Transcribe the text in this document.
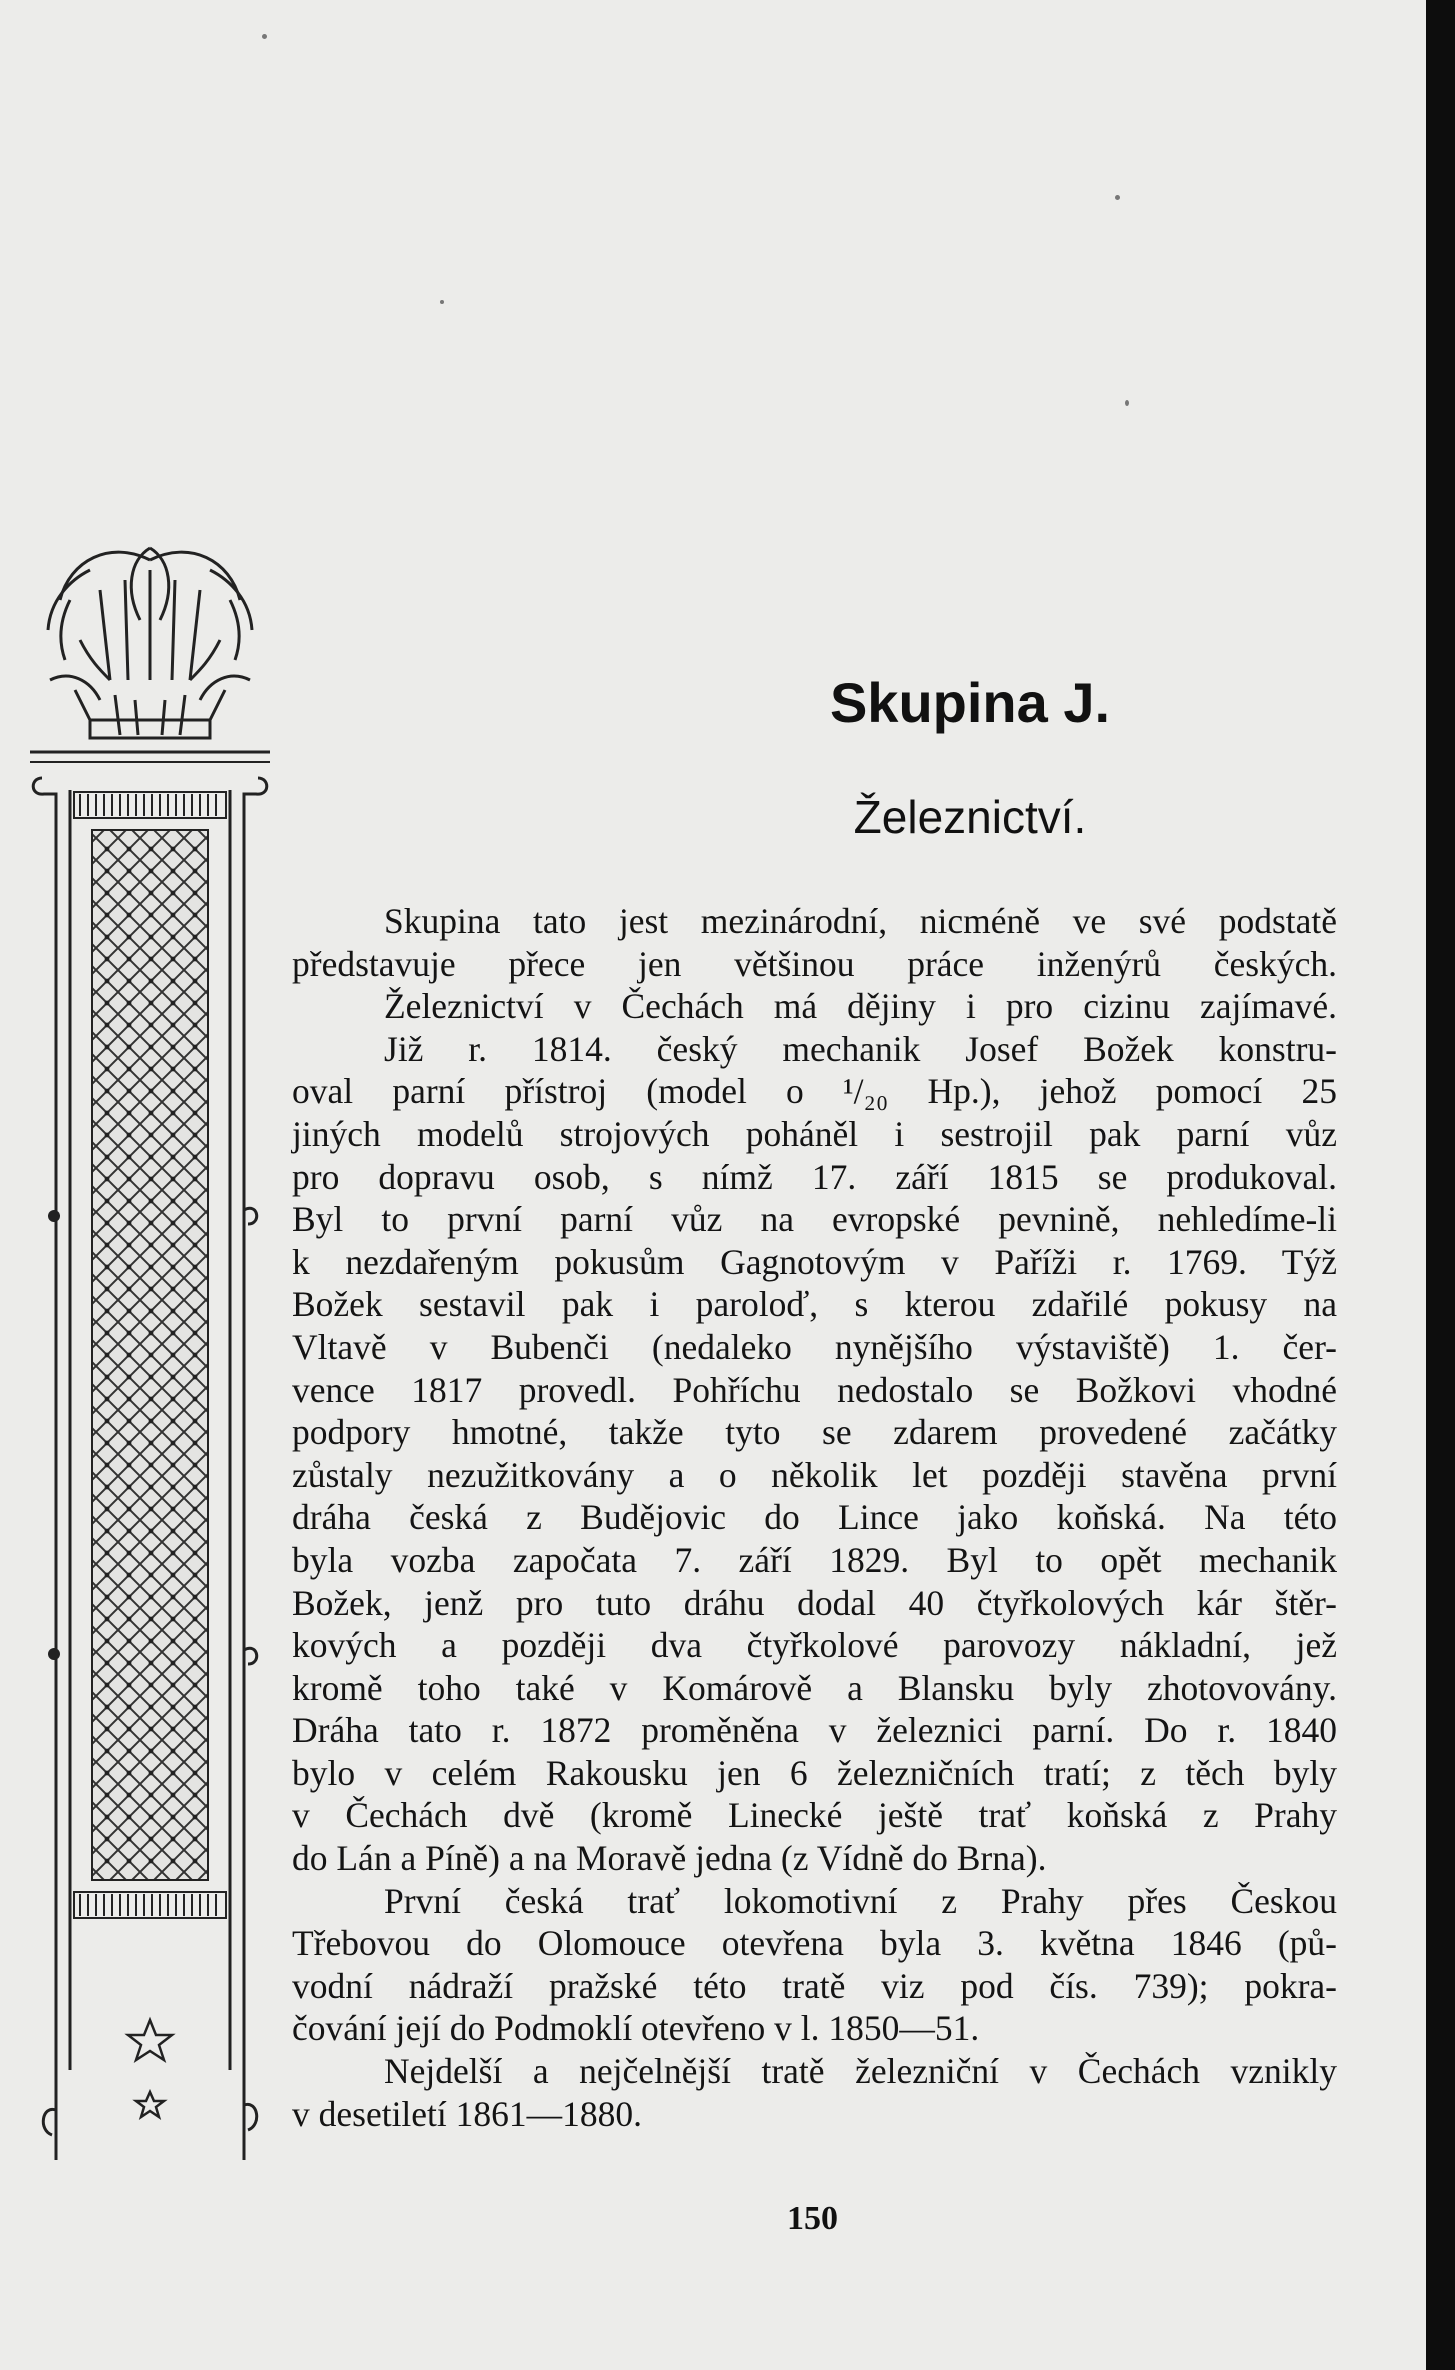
Skupina J.
Železnictví.

Skupina tato jest mezinárodní, nicméně ve své podstatě
představuje přece jen většinou práce inženýrů českých.
Železnictví v Čechách má dějiny i pro cizinu zajímavé.
Již r. 1814. český mechanik Josef Božek konstru-
oval parní přístroj (model o ¹/₂₀ Hp.), jehož pomocí 25
jiných modelů strojových poháněl i sestrojil pak parní vůz
pro dopravu osob, s nímž 17. září 1815 se produkoval.
Byl to první parní vůz na evropské pevnině, nehledíme-li
k nezdařeným pokusům Gagnotovým v Paříži r. 1769. Týž
Božek sestavil pak i paroloď, s kterou zdařilé pokusy na
Vltavě v Bubenči (nedaleko nynějšího výstaviště) 1. čer-
vence 1817 provedl. Pohříchu nedostalo se Božkovi vhodné
podpory hmotné, takže tyto se zdarem provedené začátky
zůstaly nezužitkovány a o několik let později stavěna první
dráha česká z Budějovic do Lince jako koňská. Na této
byla vozba započata 7. září 1829. Byl to opět mechanik
Božek, jenž pro tuto dráhu dodal 40 čtyřkolových kár štěr-
kových a později dva čtyřkolové parovozy nákladní, jež
kromě toho také v Komárově a Blansku byly zhotovovány.
Dráha tato r. 1872 proměněna v železnici parní. Do r. 1840
bylo v celém Rakousku jen 6 železničních tratí; z těch byly
v Čechách dvě (kromě Linecké ještě trať koňská z Prahy
do Lán a Píně) a na Moravě jedna (z Vídně do Brna).

První česká trať lokomotivní z Prahy přes Českou
Třebovou do Olomouce otevřena byla 3. května 1846 (pů-
vodní nádraží pražské této tratě viz pod čís. 739); pokra-
čování její do Podmoklí otevřeno v l. 1850—51.

Nejdelší a nejčelnější tratě železniční v Čechách vznikly
v desetiletí 1861—1880.

150
